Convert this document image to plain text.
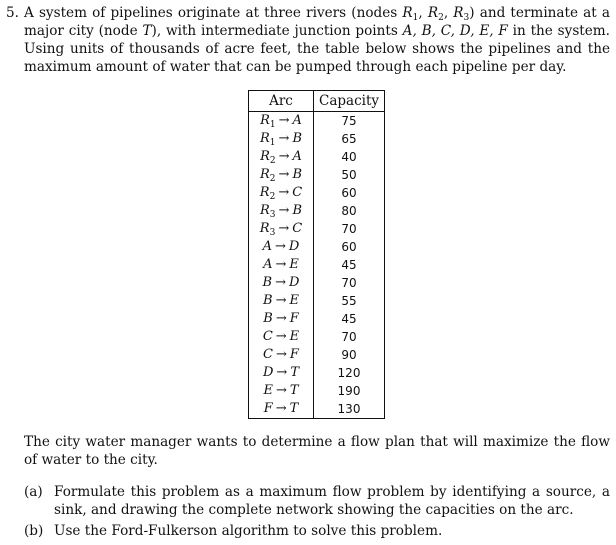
5. A system of pipelines originate at three rivers (nodes $R_1$, $R_2$, $R_3$) and terminate at a major city (node T), with intermediate junction points A, B, C, D, E, F in the system. Using units of thousands of acre feet, the table below shows the pipelines and the maximum amount of water that can be pumped through each pipeline per day.
Arc	Capacity
$R_1 \to A$	75
$R_1 \to B$	65
$R_2 \to A$	40
$R_2 \to B$	50
$R_2 \to C$	60
$R_3 \to B$	80
$R_3 \to C$	70
A → D	60
A → E	45
B → D	70
B → E	55
B → F	45
C → E	70
C → F	90
D → T	120
E → T	190
F → T	130
The city water manager wants to determine a flow plan that will maximize the flow of water to the city.
(a) Formulate this problem as a maximum flow problem by identifying a source, a sink, and drawing the complete network showing the capacities on the arc.
(b) Use the Ford-Fulkerson algorithm to solve this problem.
